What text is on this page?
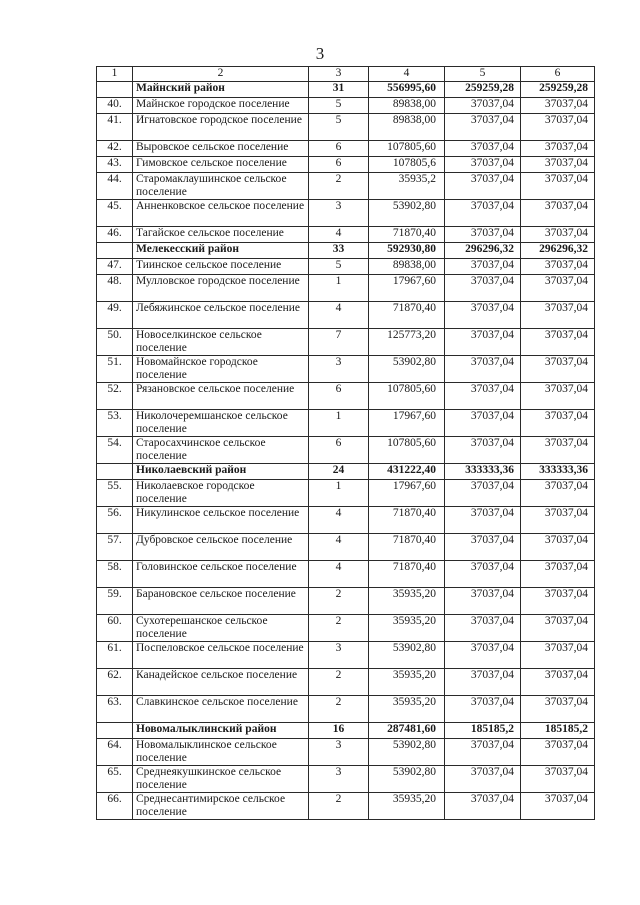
3
1	2	3	4	5	6
	Майнский район	31	556995,60	259259,28	259259,28
40.	Майнское городское поселение	5	89838,00	37037,04	37037,04
41.	Игнатовское городское поселение	5	89838,00	37037,04	37037,04
42.	Выровское сельское поселение	6	107805,60	37037,04	37037,04
43.	Гимовское сельское поселение	6	107805,6	37037,04	37037,04
44.	Старомаклаушинское сельское поселение	2	35935,2	37037,04	37037,04
45.	Анненковское сельское поселение	3	53902,80	37037,04	37037,04
46.	Тагайское сельское поселение	4	71870,40	37037,04	37037,04
	Мелекесский район	33	592930,80	296296,32	296296,32
47.	Тиинское сельское поселение	5	89838,00	37037,04	37037,04
48.	Мулловское городское поселение	1	17967,60	37037,04	37037,04
49.	Лебяжинское сельское поселение	4	71870,40	37037,04	37037,04
50.	Новоселкинское сельское поселение	7	125773,20	37037,04	37037,04
51.	Новомайнское городское поселение	3	53902,80	37037,04	37037,04
52.	Рязановское сельское поселение	6	107805,60	37037,04	37037,04
53.	Николочеремшанское сельское поселение	1	17967,60	37037,04	37037,04
54.	Старосахчинское сельское поселение	6	107805,60	37037,04	37037,04
	Николаевский район	24	431222,40	333333,36	333333,36
55.	Николаевское городское поселение	1	17967,60	37037,04	37037,04
56.	Никулинское сельское поселение	4	71870,40	37037,04	37037,04
57.	Дубровское сельское поселение	4	71870,40	37037,04	37037,04
58.	Головинское сельское поселение	4	71870,40	37037,04	37037,04
59.	Барановское сельское поселение	2	35935,20	37037,04	37037,04
60.	Сухотерешанское сельское поселение	2	35935,20	37037,04	37037,04
61.	Поспеловское сельское поселение	3	53902,80	37037,04	37037,04
62.	Канадейское сельское поселение	2	35935,20	37037,04	37037,04
63.	Славкинское сельское поселение	2	35935,20	37037,04	37037,04
	Новомалыклинский район	16	287481,60	185185,2	185185,2
64.	Новомалыклинское сельское поселение	3	53902,80	37037,04	37037,04
65.	Среднеякушкинское сельское поселение	3	53902,80	37037,04	37037,04
66.	Среднесантимирское сельское поселение	2	35935,20	37037,04	37037,04
